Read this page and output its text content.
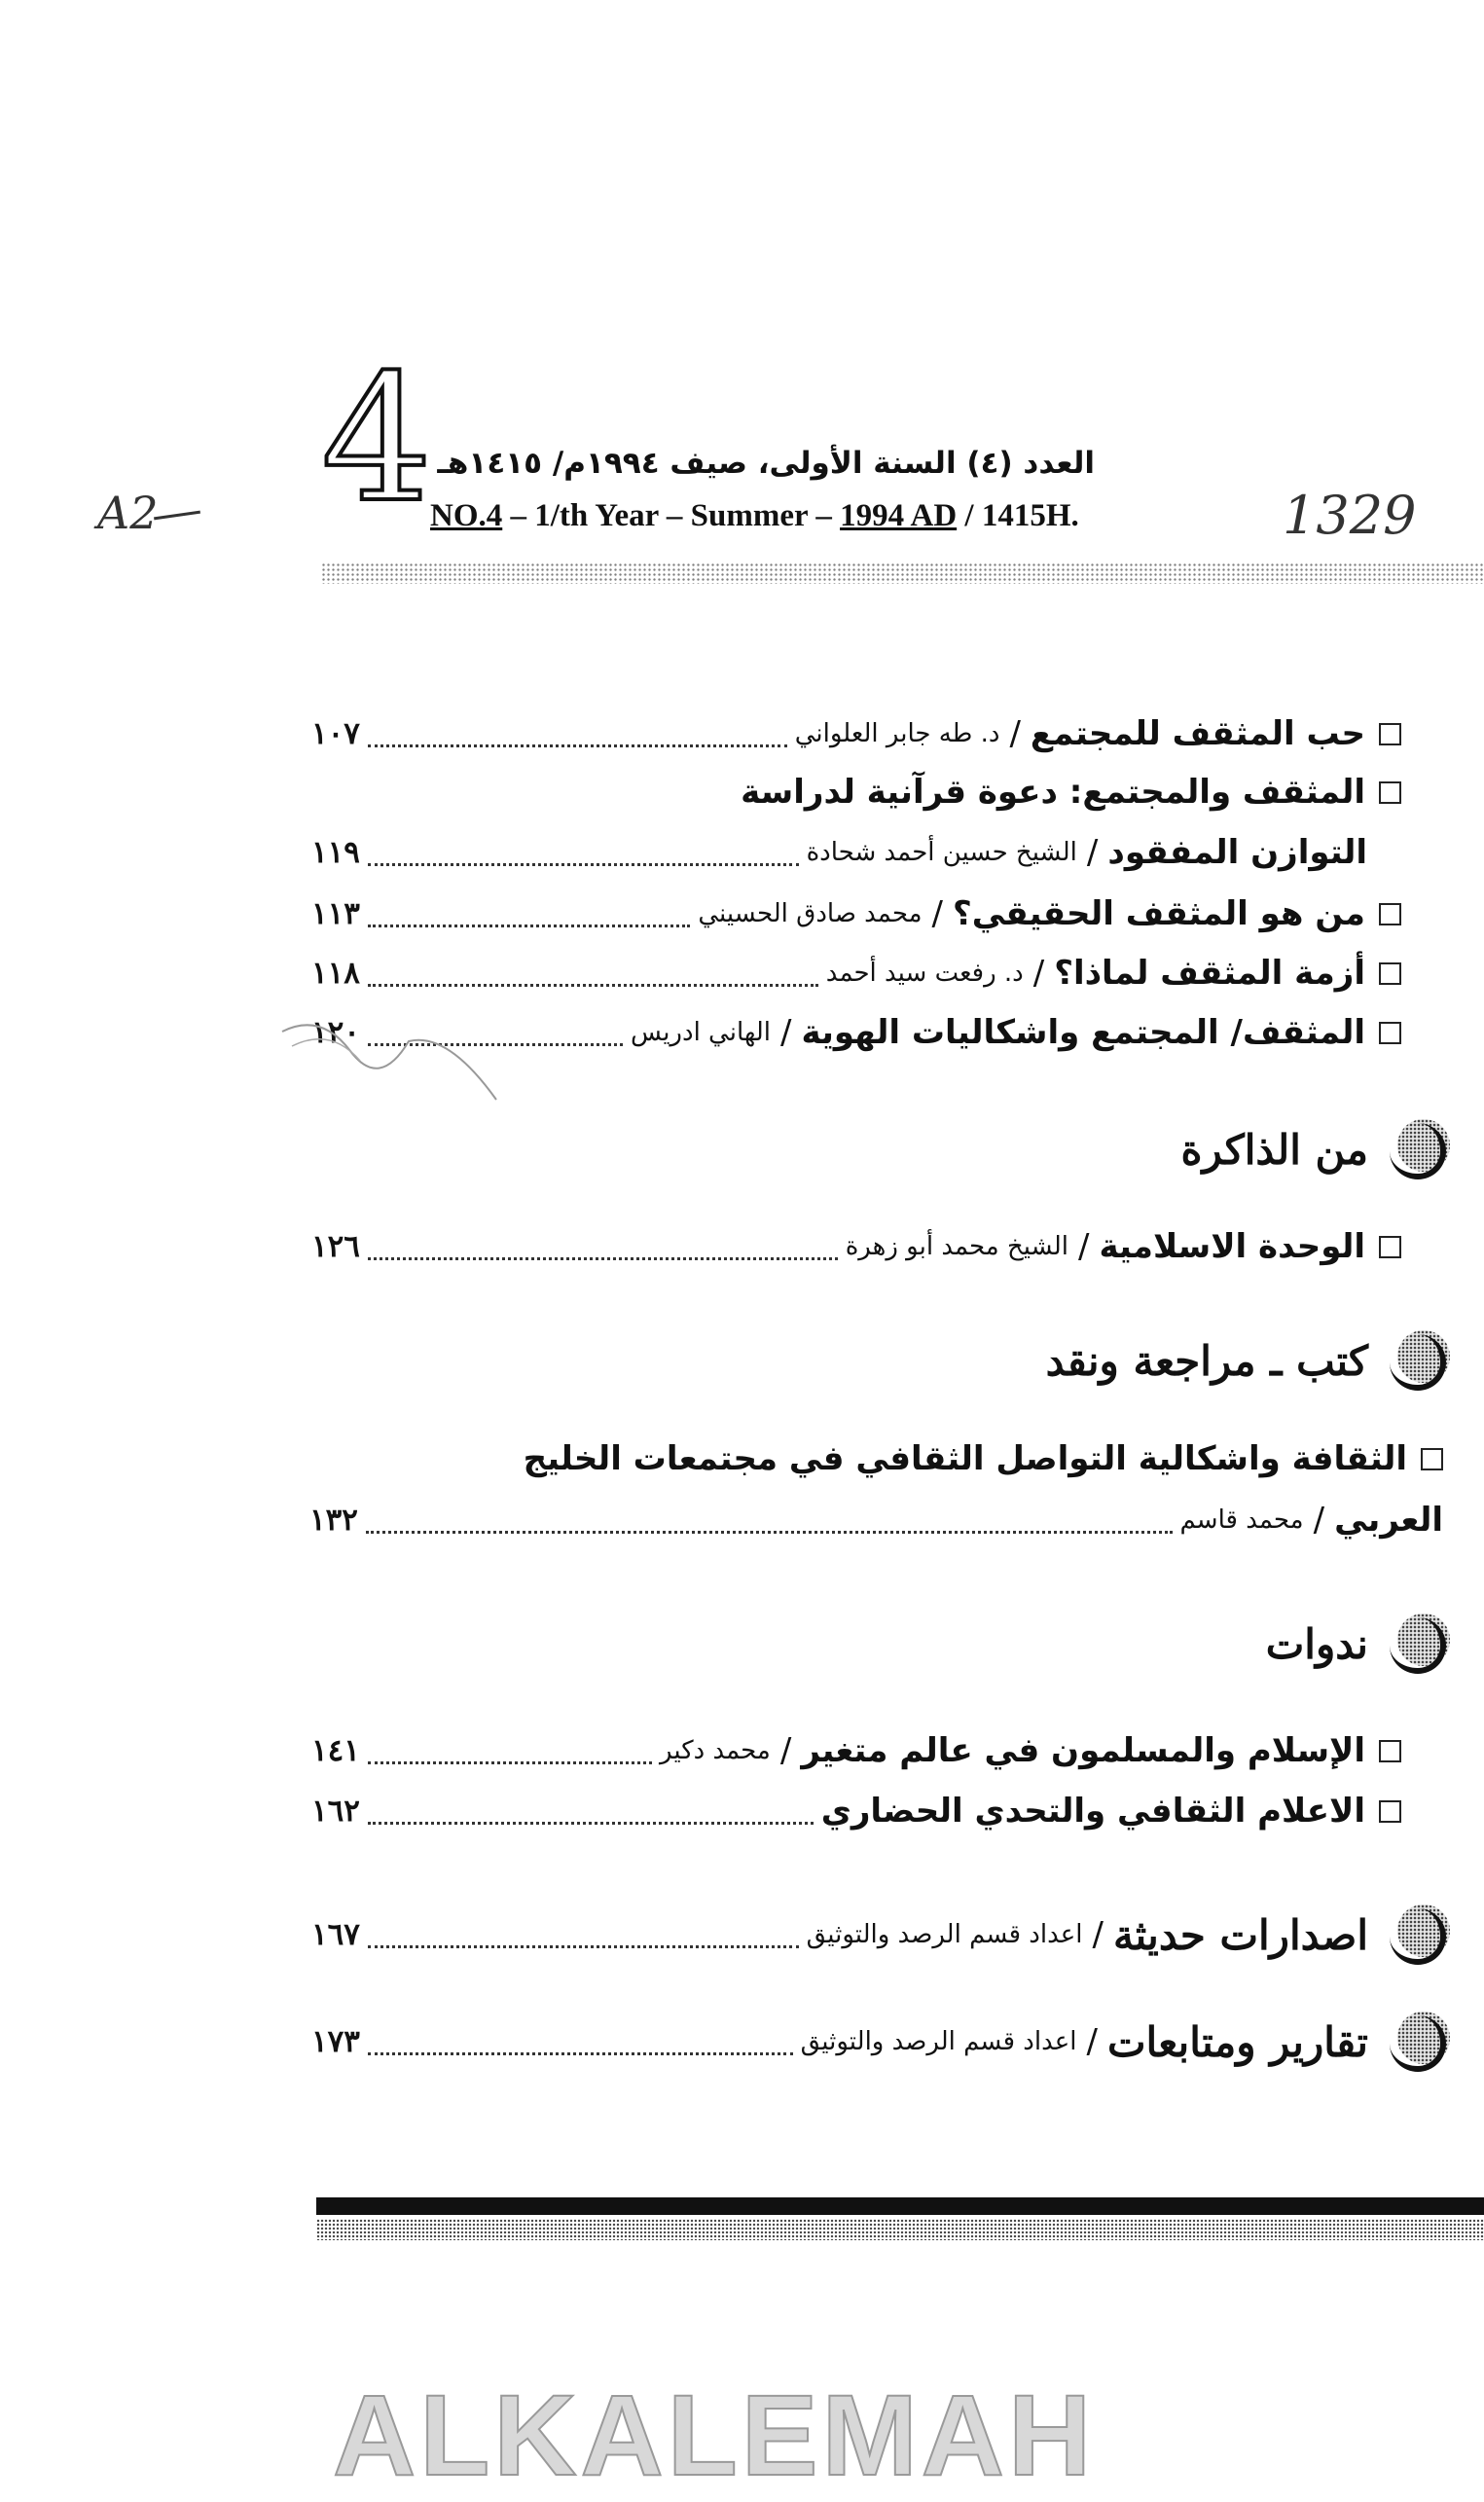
A2	1329
4 العدد (٤) السنة الأولى، صيف ١٩٩٤م/ ١٤١٥هـ
NO.4 – 1/th Year – Summer – 1994 AD / 1415H.
حب المثقف للمجتمع
/
د. طه جابر العلواني
١٠٧
المثقف والمجتمع: دعوة قرآنية لدراسة
التوازن المفقود
/
الشيخ حسين أحمد شحادة
١١٩
من هو المثقف الحقيقي؟
/
محمد صادق الحسيني
١١٣
أزمة المثقف لماذا؟
/
د. رفعت سيد أحمد
١١٨
المثقف/ المجتمع واشكاليات الهوية
/
الهاني ادريس
١٢٠
من الذاكرة
الوحدة الاسلامية
/
الشيخ محمد أبو زهرة
١٢٦
كتب ـ مراجعة ونقد
الثقافة واشكالية التواصل الثقافي في مجتمعات الخليج
العربي
/
محمد قاسم
١٣٢
ندوات
الإسلام والمسلمون في عالم متغير
/
محمد دكير
١٤١
الاعلام الثقافي والتحدي الحضاري
١٦٢
اصدارات حديثة
/
اعداد قسم الرصد والتوثيق
١٦٧
تقارير ومتابعات
/
اعداد قسم الرصد والتوثيق
١٧٣
ALKALEMAH
